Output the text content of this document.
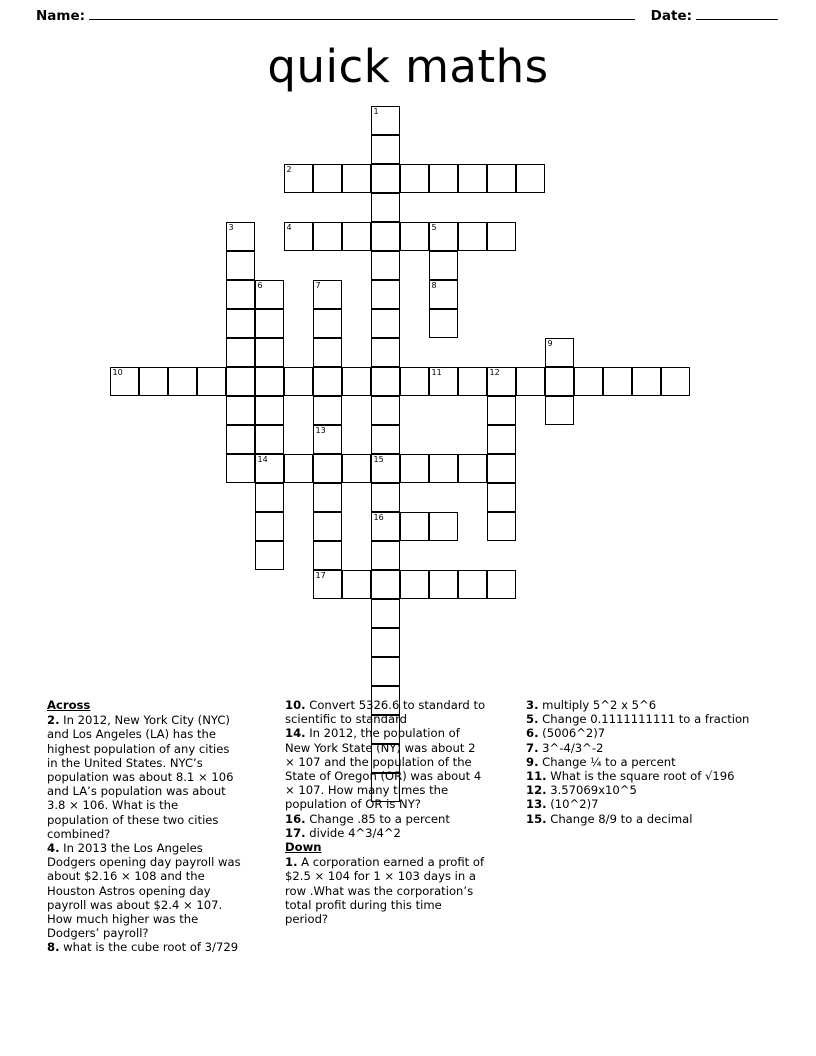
Name:	Date:
quick maths
1
2
3	4	5
6	7	8
9
10	11	12
13
14	15
16
17
Across
2. In 2012, New York City (NYC) and Los Angeles (LA) has the highest population of any cities in the United States. NYC’s population was about 8.1 × 106 and LA’s population was about 3.8 × 106. What is the population of these two cities combined?
4. In 2013 the Los Angeles Dodgers opening day payroll was about $2.16 × 108 and the Houston Astros opening day payroll was about $2.4 × 107. How much higher was the Dodgers’ payroll?
8. what is the cube root of 3/729
10. Convert 5326.6 to standard to scientific to standard
14. In 2012, the population of New York State (NY) was about 2 × 107 and the population of the State of Oregon (OR) was about 4 × 107. How many times the population of OR is NY?
16. Change .85 to a percent
17. divide 4^3/4^2
Down
1. A corporation earned a profit of $2.5 × 104 for 1 × 103 days in a row .What was the corporation’s total profit during this time period?
3. multiply 5^2 x 5^6
5. Change 0.1111111111 to a fraction
6. (5006^2)7
7. 3^-4/3^-2
9. Change ¼ to a percent
11. What is the square root of √196
12. 3.57069x10^5
13. (10^2)7
15. Change 8/9 to a decimal
